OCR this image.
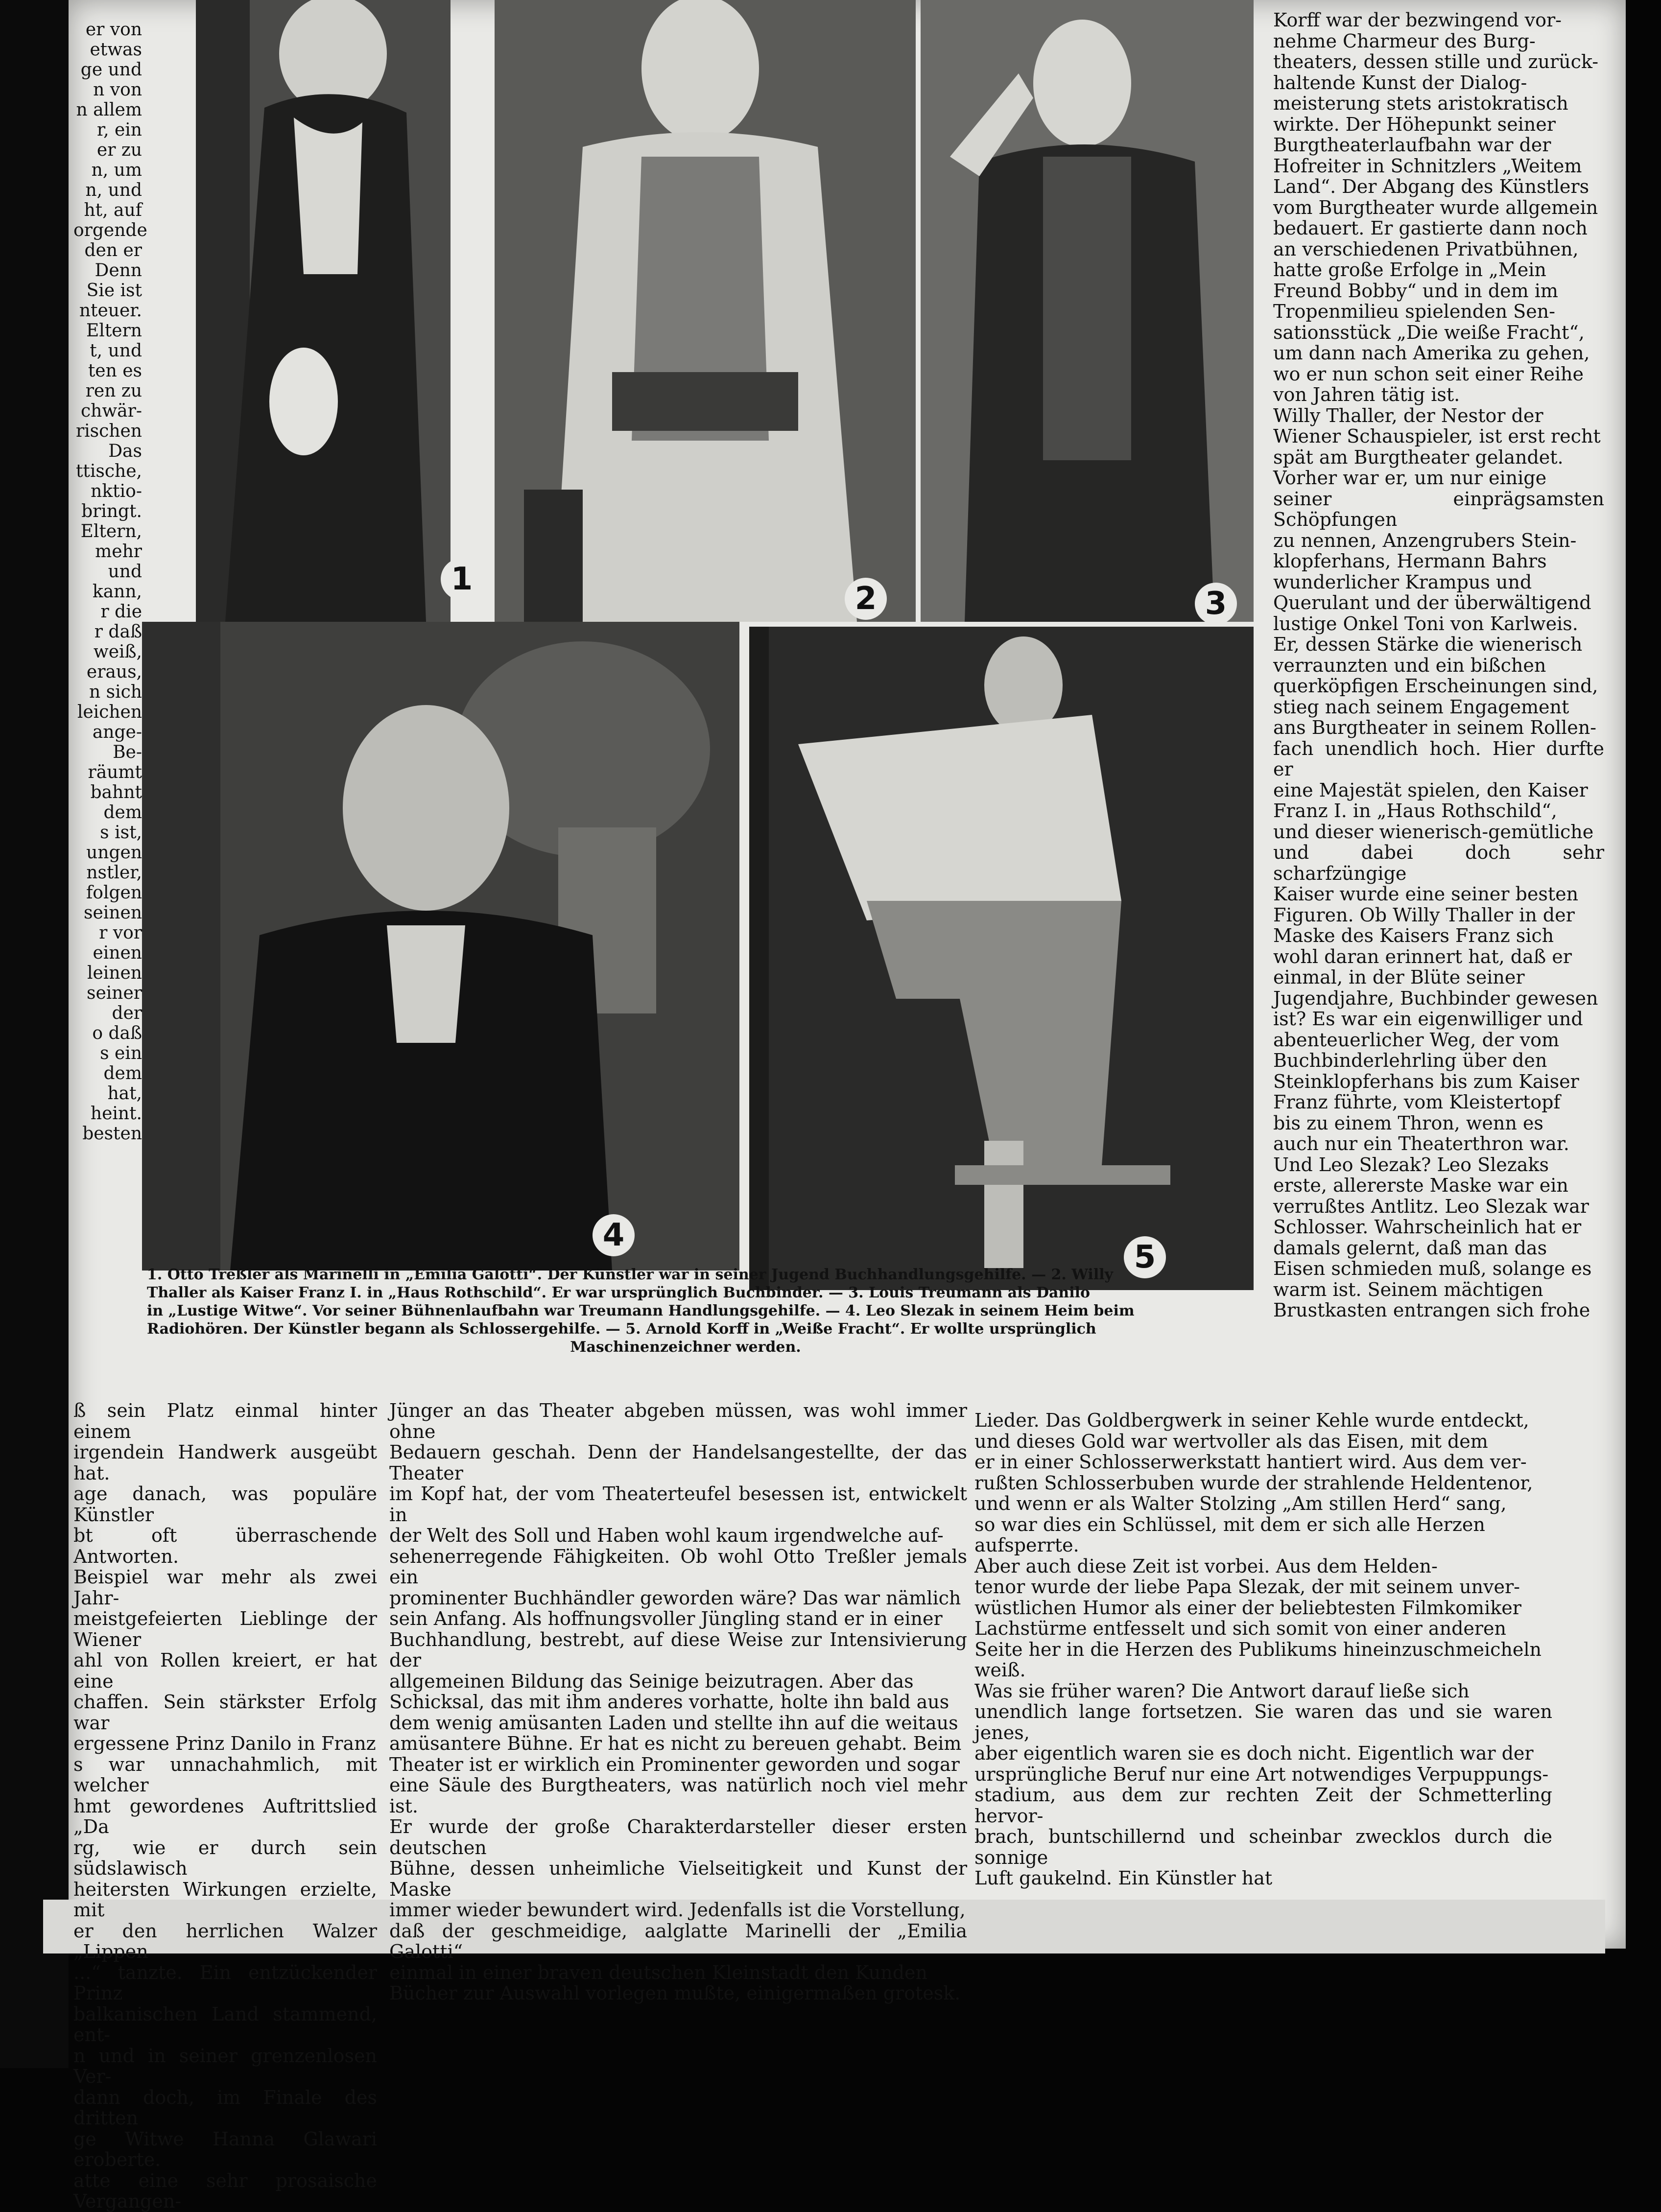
er von
etwas
ge und
n von
n allem
r, ein
er zu
n, um
n, und
ht, auf
orgende
den er
Denn
Sie ist
nteuer.
Eltern
t, und
ten es
ren zu
chwär-
rischen
Das
ttische,
nktio-
bringt.
Eltern,
mehr
und
kann,
r die
r daß
weiß,
eraus,
n sich
leichen
ange-
Be-
räumt
bahnt
dem
s ist,
ungen
nstler,
folgen
seinen
r vor
einen
leinen
seiner
der
o daß
s ein
dem
hat,
heint.
besten
1
4
5
2	3
1. Otto Treßler als Marinelli in „Emilia Galotti“. Der Künstler war in seiner Jugend Buchhandlungsgehilfe. — 2. Willy
Thaller als Kaiser Franz I. in „Haus Rothschild“. Er war ursprünglich Buchbinder. — 3. Louis Treumann als Danilo
in „Lustige Witwe“. Vor seiner Bühnenlaufbahn war Treumann Handlungsgehilfe. — 4. Leo Slezak in seinem Heim beim
Radiohören. Der Künstler begann als Schlossergehilfe. — 5. Arnold Korff in „Weiße Fracht“. Er wollte ursprünglich
Maschinenzeichner werden.
Korff war der bezwingend vor-
nehme Charmeur des Burg-
theaters, dessen stille und zurück-
haltende Kunst der Dialog-
meisterung stets aristokratisch
wirkte. Der Höhepunkt seiner
Burgtheaterlaufbahn war der
Hofreiter in Schnitzlers „Weitem
Land“. Der Abgang des Künstlers
vom Burgtheater wurde allgemein
bedauert. Er gastierte dann noch
an verschiedenen Privatbühnen,
hatte große Erfolge in „Mein
Freund Bobby“ und in dem im
Tropenmilieu spielenden Sen-
sationsstück „Die weiße Fracht“,
um dann nach Amerika zu gehen,
wo er nun schon seit einer Reihe
von Jahren tätig ist.
Willy Thaller, der Nestor der
Wiener Schauspieler, ist erst recht
spät am Burgtheater gelandet.
Vorher war er, um nur einige
seiner einprägsamsten Schöpfungen
zu nennen, Anzengrubers Stein-
klopferhans, Hermann Bahrs
wunderlicher Krampus und
Querulant und der überwältigend
lustige Onkel Toni von Karlweis.
Er, dessen Stärke die wienerisch
verraunzten und ein bißchen
querköpfigen Erscheinungen sind,
stieg nach seinem Engagement
ans Burgtheater in seinem Rollen-
fach unendlich hoch. Hier durfte er
eine Majestät spielen, den Kaiser
Franz I. in „Haus Rothschild“,
und dieser wienerisch-gemütliche
und dabei doch sehr scharfzüngige
Kaiser wurde eine seiner besten
Figuren. Ob Willy Thaller in der
Maske des Kaisers Franz sich
wohl daran erinnert hat, daß er
einmal, in der Blüte seiner
Jugendjahre, Buchbinder gewesen
ist? Es war ein eigenwilliger und
abenteuerlicher Weg, der vom
Buchbinderlehrling über den
Steinklopferhans bis zum Kaiser
Franz führte, vom Kleistertopf
bis zu einem Thron, wenn es
auch nur ein Theaterthron war.
Und Leo Slezak? Leo Slezaks
erste, allererste Maske war ein
verrußtes Antlitz. Leo Slezak war
Schlosser. Wahrscheinlich hat er
damals gelernt, daß man das
Eisen schmieden muß, solange es
warm ist. Seinem mächtigen
Brustkasten entrangen sich frohe
ß sein Platz einmal hinter einem
irgendein Handwerk ausgeübt hat.
age danach, was populäre Künstler
bt oft überraschende Antworten.
Beispiel war mehr als zwei Jahr-
meistgefeierten Lieblinge der Wiener
ahl von Rollen kreiert, er hat eine
chaffen. Sein stärkster Erfolg war
ergessene Prinz Danilo in Franz
s war unnachahmlich, mit welcher
hmt gewordenes Auftrittslied „Da
rg, wie er durch sein südslawisch
heitersten Wirkungen erzielte, mit
er den herrlichen Walzer „Lippen
...“ tanzte. Ein entzückender Prinz
balkanischen Land stammend, ent-
n und in seiner grenzenlosen Ver-
dann doch, im Finale des dritten
ge Witwe Hanna Glawari eroberte.
atte eine sehr prosaische Vergangen-
Jünger an das Theater abgeben müssen, was wohl immer ohne
Bedauern geschah. Denn der Handelsangestellte, der das Theater
im Kopf hat, der vom Theaterteufel besessen ist, entwickelt in
der Welt des Soll und Haben wohl kaum irgendwelche auf-
sehenerregende Fähigkeiten. Ob wohl Otto Treßler jemals ein
prominenter Buchhändler geworden wäre? Das war nämlich
sein Anfang. Als hoffnungsvoller Jüngling stand er in einer
Buchhandlung, bestrebt, auf diese Weise zur Intensivierung der
allgemeinen Bildung das Seinige beizutragen. Aber das
Schicksal, das mit ihm anderes vorhatte, holte ihn bald aus
dem wenig amüsanten Laden und stellte ihn auf die weitaus
amüsantere Bühne. Er hat es nicht zu bereuen gehabt. Beim
Theater ist er wirklich ein Prominenter geworden und sogar
eine Säule des Burgtheaters, was natürlich noch viel mehr ist.
Er wurde der große Charakterdarsteller dieser ersten deutschen
Bühne, dessen unheimliche Vielseitigkeit und Kunst der Maske
immer wieder bewundert wird. Jedenfalls ist die Vorstellung,
daß der geschmeidige, aalglatte Marinelli der „Emilia Galotti“
einmal in einer braven deutschen Kleinstadt den Kunden
Bücher zur Auswahl vorlegen mußte, einigermaßen grotesk.
Lieder. Das Goldbergwerk in seiner Kehle wurde entdeckt,
und dieses Gold war wertvoller als das Eisen, mit dem
er in einer Schlosserwerkstatt hantiert wird. Aus dem ver-
rußten Schlosserbuben wurde der strahlende Heldentenor,
und wenn er als Walter Stolzing „Am stillen Herd“ sang,
so war dies ein Schlüssel, mit dem er sich alle Herzen
aufsperrte.
Aber auch diese Zeit ist vorbei. Aus dem Helden-
tenor wurde der liebe Papa Slezak, der mit seinem unver-
wüstlichen Humor als einer der beliebtesten Filmkomiker
Lachstürme entfesselt und sich somit von einer anderen
Seite her in die Herzen des Publikums hineinzuschmeicheln
weiß.
Was sie früher waren? Die Antwort darauf ließe sich
unendlich lange fortsetzen. Sie waren das und sie waren jenes,
aber eigentlich waren sie es doch nicht. Eigentlich war der
ursprüngliche Beruf nur eine Art notwendiges Verpuppungs-
stadium, aus dem zur rechten Zeit der Schmetterling hervor-
brach, buntschillernd und scheinbar zwecklos durch die sonnige
Luft gaukelnd. Ein Künstler hat
